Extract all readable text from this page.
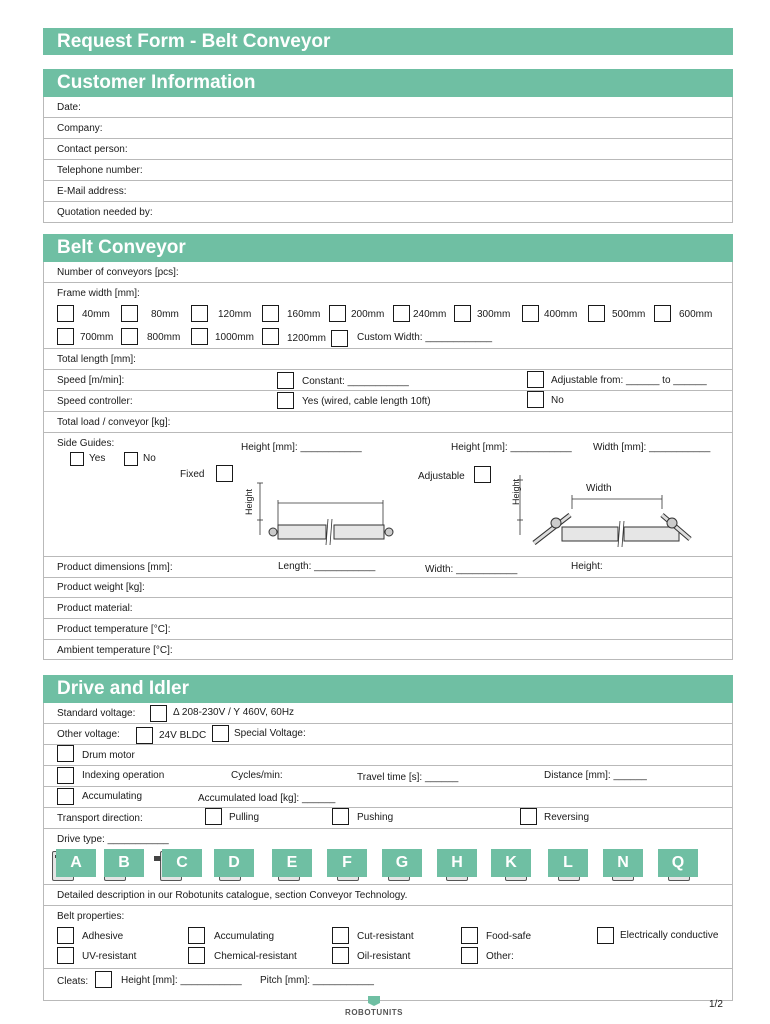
Request Form - Belt Conveyor
Customer Information
Date:
Company:
Contact person:
Telephone number:
E-Mail address:
Quotation needed by:
Belt Conveyor
Number of conveyors [pcs]:
Frame width [mm]:
40mm	80mm	120mm	160mm	200mm	240mm	300mm	400mm	500mm	600mm
700mm	800mm	1000mm	1200mm	Custom Width: ____________
Total length [mm]:
Speed [m/min]:	Constant: ___________	Adjustable from: ______ to ______
Speed controller:	Yes (wired, cable length 10ft)	No
Total load / conveyor [kg]:
Side Guides:
Yes	No
Height [mm]: ___________
Fixed
Height [mm]: ___________ Width [mm]: ___________
Adjustable
Height
Width
Height
Product dimensions [mm]:	Length: ___________	Width: ___________	Height:
Product weight [kg]:
Product material:
Product temperature [°C]:
Ambient temperature [°C]:
Drive and Idler
Standard voltage:	Δ 208-230V / Y 460V, 60Hz
Other voltage:	24V BLDC	Special Voltage:
Drum motor
Indexing operation	Cycles/min:	Travel time [s]: ______	Distance [mm]: ______
Accumulating	Accumulated load [kg]: ______
Transport direction:	Pulling	Pushing	Reversing
Drive type: ___________
A	B	C	D	E	F	G	H	K	L	N	Q
Detailed description in our Robotunits catalogue, section Conveyor Technology.
Belt properties:
Adhesive	Accumulating	Cut-resistant	Food-safe	Electrically conductive
UV-resistant	Chemical-resistant	Oil-resistant	Other:
Cleats:	Height [mm]: ___________ Pitch [mm]: ___________
1/2
ROBOTUNITS
